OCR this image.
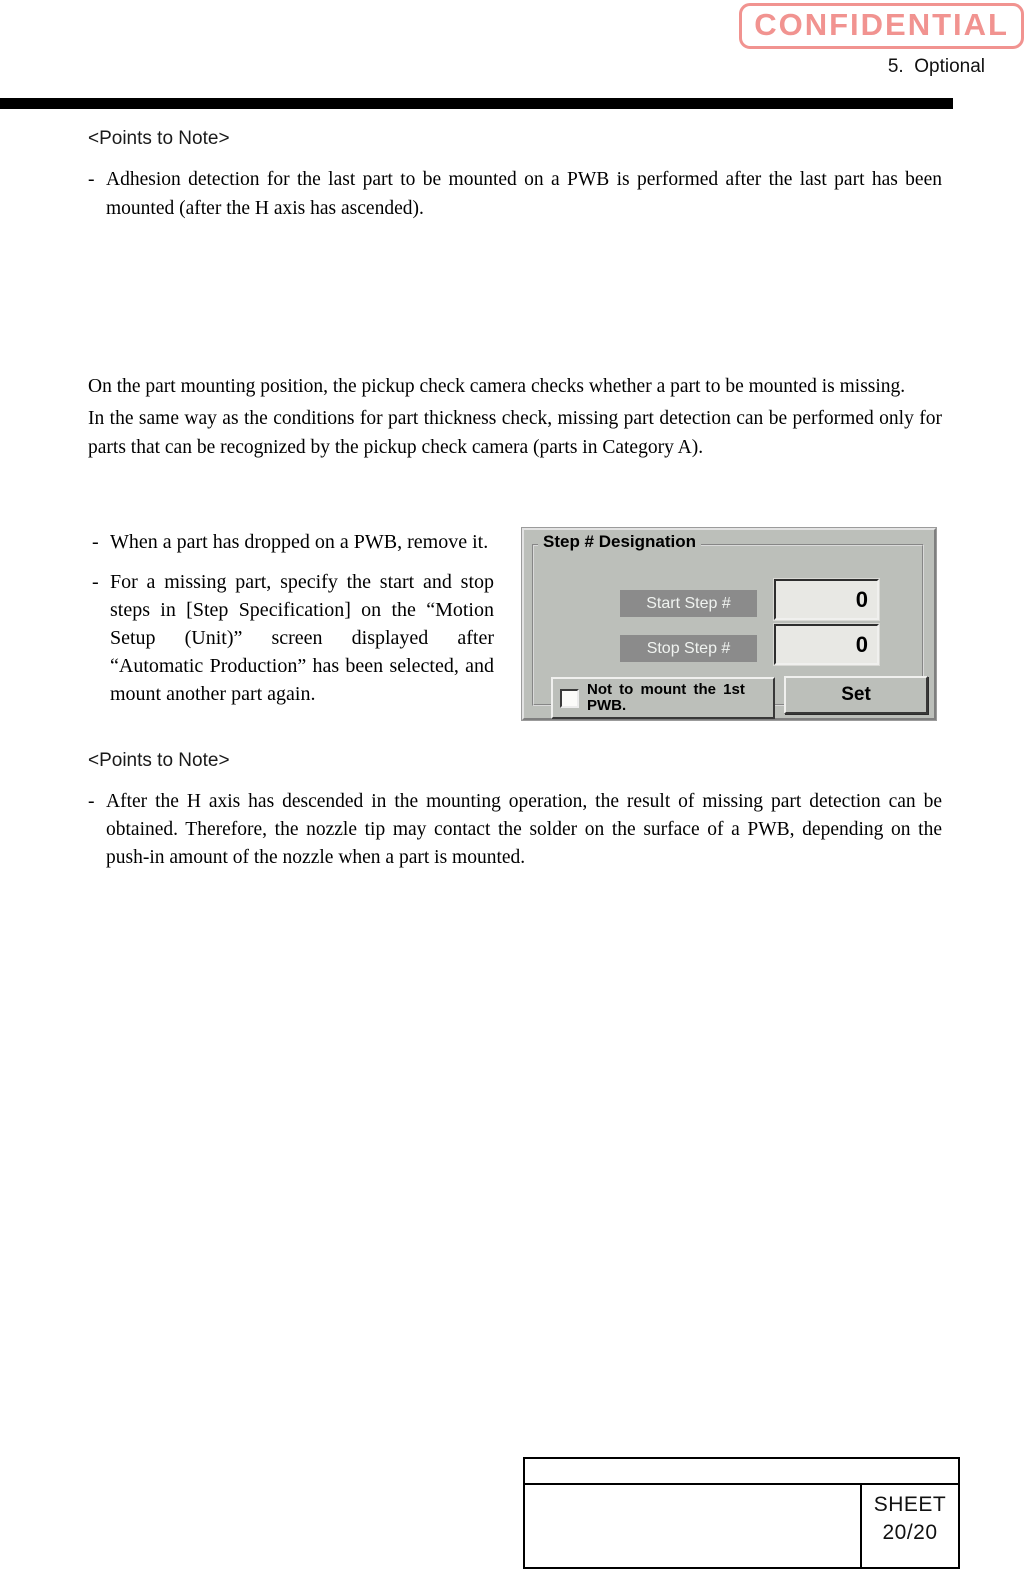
CONFIDENTIAL
5.  Optional
<Points to Note>
- Adhesion detection for the last part to be mounted on a PWB is performed after the last part has been mounted (after the H axis has ascended).
On the part mounting position, the pickup check camera checks whether a part to be mounted is missing.
In the same way as the conditions for part thickness check, missing part detection can be performed only for parts that can be recognized by the pickup check camera (parts in Category A).
- When a part has dropped on a PWB, remove it.
- For a missing part, specify the start and stop steps in [Step Specification] on the “Motion Setup (Unit)” screen displayed after “Automatic Production” has been selected, and mount another part again.
Start Step #
0
Stop Step #
0
Not to mount the 1st PWB.
Set
Step # Designation
<Points to Note>
- After the H axis has descended in the mounting operation, the result of missing part detection can be obtained. Therefore, the nozzle tip may contact the solder on the surface of a PWB, depending on the push-in amount of the nozzle when a part is mounted.
SHEET
20/20
